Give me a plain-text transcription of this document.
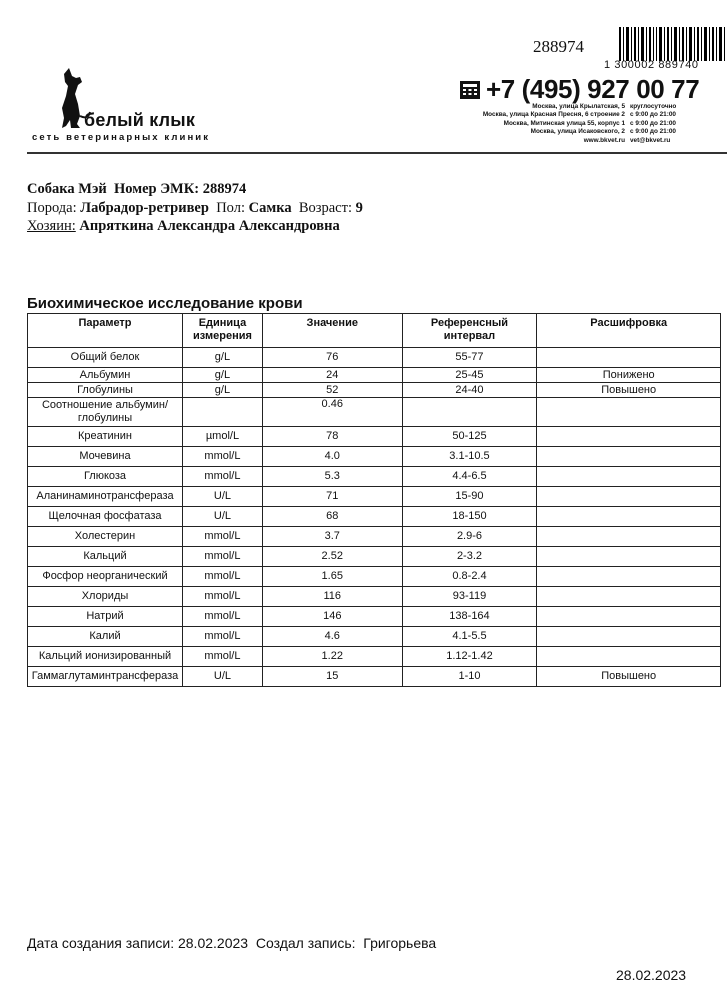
288974
1 300002 889740
белый клык
сеть ветеринарных клиник
+7 (495) 927 00 77
Москва, улица Крылатская, 5 круглосуточно
Москва, улица Красная Пресня, 6 строение 2 с 9:00 до 21:00
Москва, Митинская улица 55, корпус 1 с 9:00 до 21:00
Москва, улица Исаковского, 2 с 9:00 до 21:00
www.bkvet.ru vet@bkvet.ru
Собака Мэй Номер ЭМК: 288974
Порода: Лабрадор-ретривер Пол: Самка Возраст: 9
Хозяин: Апряткина Александра Александровна
Биохимическое исследование крови
Параметр	Единица измерения	Значение	Референсный интервал	Расшифровка
Общий белок	g/L	76	55-77	
Альбумин	g/L	24	25-45	Понижено
Глобулины	g/L	52	24-40	Повышено
Соотношение альбумин/глобулины		0.46		
Креатинин	µmol/L	78	50-125	
Мочевина	mmol/L	4.0	3.1-10.5	
Глюкоза	mmol/L	5.3	4.4-6.5	
Аланинаминотрансфераза	U/L	71	15-90	
Щелочная фосфатаза	U/L	68	18-150	
Холестерин	mmol/L	3.7	2.9-6	
Кальций	mmol/L	2.52	2-3.2	
Фосфор неорганический	mmol/L	1.65	0.8-2.4	
Хлориды	mmol/L	116	93-119	
Натрий	mmol/L	146	138-164	
Калий	mmol/L	4.6	4.1-5.5	
Кальций ионизированный	mmol/L	1.22	1.12-1.42	
Гаммаглутаминтрансфераза	U/L	15	1-10	Повышено
Дата создания записи: 28.02.2023 Создал запись: Григорьева
28.02.2023
